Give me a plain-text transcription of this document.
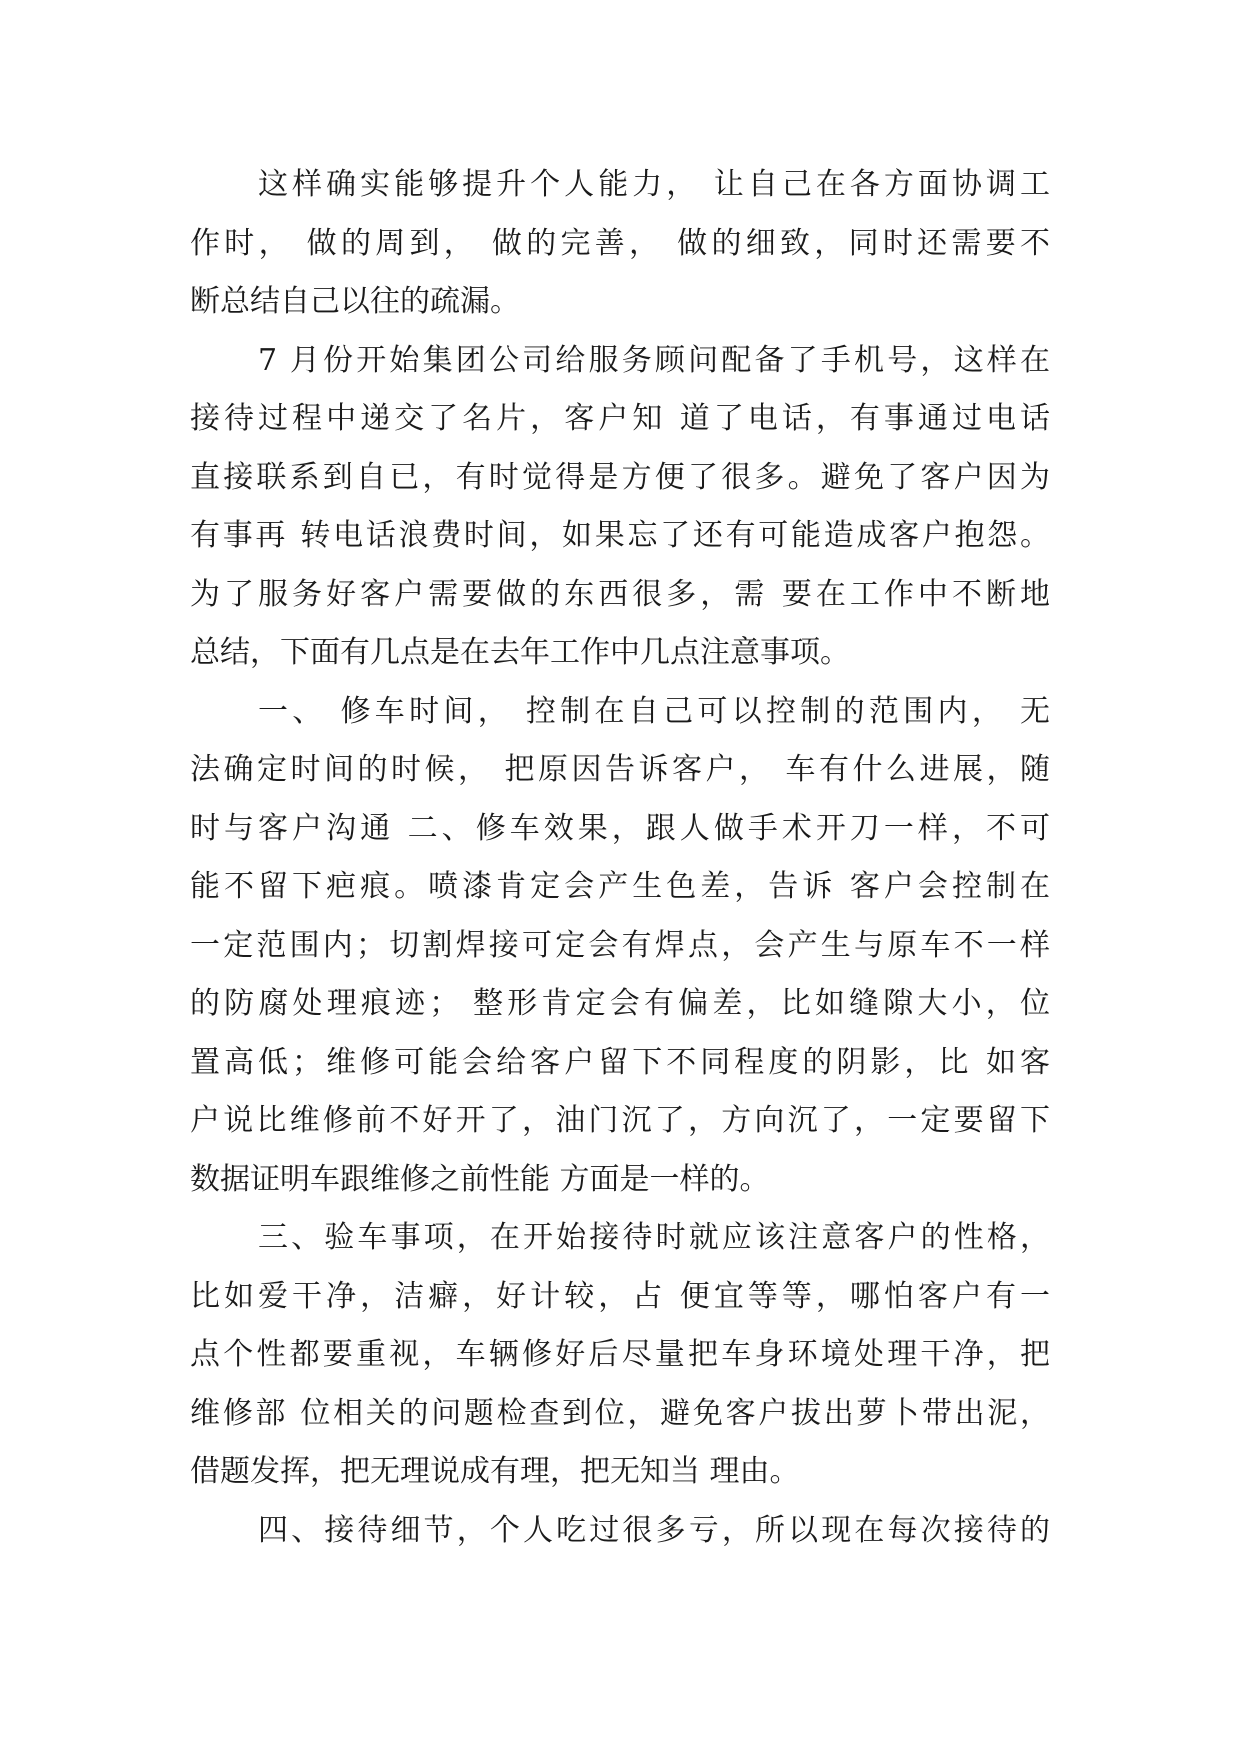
这样确实能够提升个人能力， 让自己在各方面协调工
作时， 做的周到， 做的完善， 做的细致，同时还需要不
断总结自己以往的疏漏。
7 月份开始集团公司给服务顾问配备了手机号，这样在
接待过程中递交了名片，客户知 道了电话，有事通过电话
直接联系到自已，有时觉得是方便了很多。避免了客户因为
有事再 转电话浪费时间，如果忘了还有可能造成客户抱怨。
为了服务好客户需要做的东西很多，需 要在工作中不断地
总结，下面有几点是在去年工作中几点注意事项。
一、 修车时间， 控制在自己可以控制的范围内， 无
法确定时间的时候， 把原因告诉客户， 车有什么进展，随
时与客户沟通 二、修车效果，跟人做手术开刀一样，不可
能不留下疤痕。喷漆肯定会产生色差，告诉 客户会控制在
一定范围内；切割焊接可定会有焊点，会产生与原车不一样
的防腐处理痕迹； 整形肯定会有偏差，比如缝隙大小，位
置高低；维修可能会给客户留下不同程度的阴影，比 如客
户说比维修前不好开了，油门沉了，方向沉了，一定要留下
数据证明车跟维修之前性能 方面是一样的。
三、验车事项，在开始接待时就应该注意客户的性格，
比如爱干净，洁癖，好计较，占 便宜等等，哪怕客户有一
点个性都要重视，车辆修好后尽量把车身环境处理干净，把
维修部 位相关的问题检查到位，避免客户拔出萝卜带出泥，
借题发挥，把无理说成有理，把无知当 理由。
四、接待细节，个人吃过很多亏，所以现在每次接待的
